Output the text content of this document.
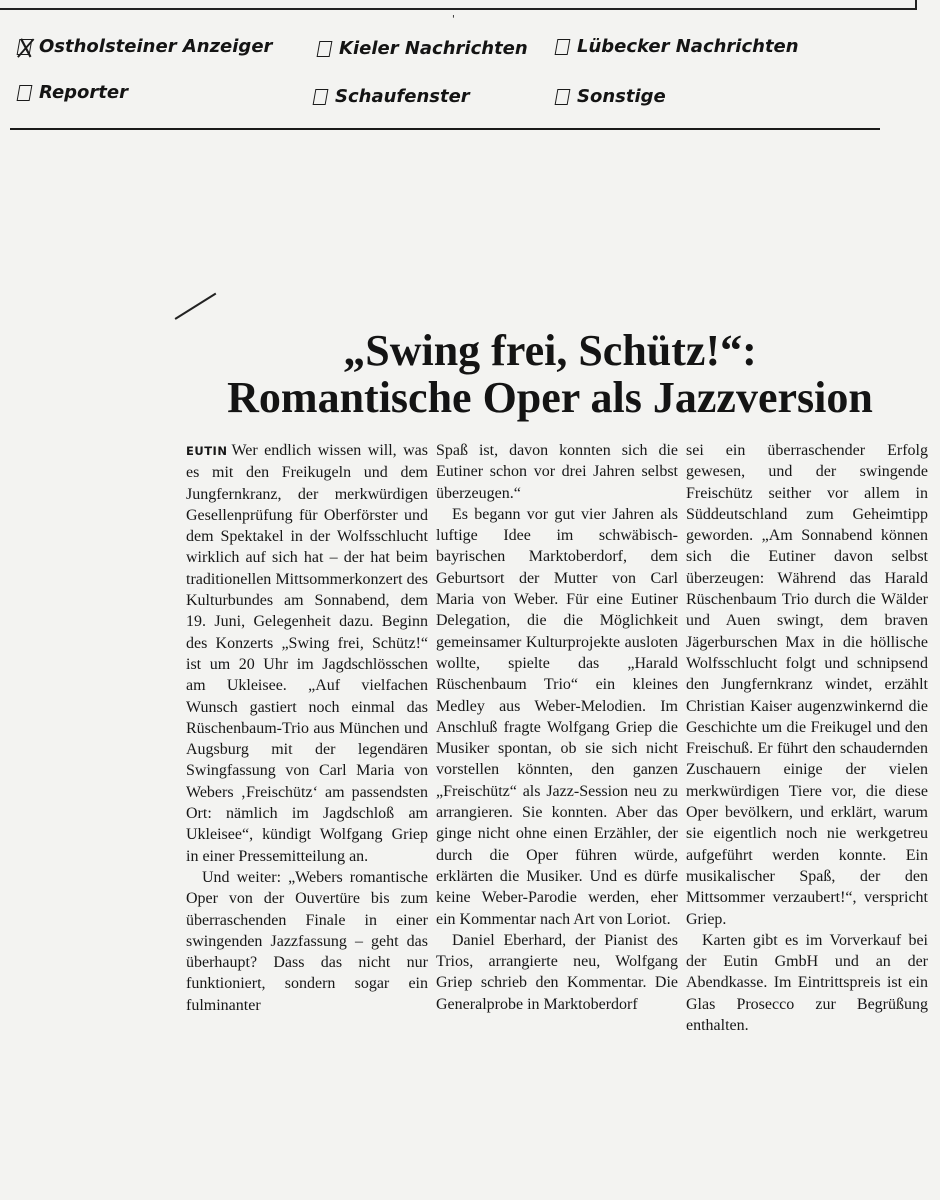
'
Ostholsteiner Anzeiger	Kieler Nachrichten	Lübecker Nachrichten
Reporter	Schaufenster	Sonstige
„Swing frei, Schütz!“:
Romantische Oper als Jazzversion

EUTIN Wer endlich wissen will, was es mit den Freikugeln und dem Jungfernkranz, der merkwürdigen Gesellenprüfung für Oberförster und dem Spektakel in der Wolfsschlucht wirklich auf sich hat – der hat beim traditionellen Mittsommerkonzert des Kulturbundes am Sonnabend, dem 19. Juni, Gelegenheit dazu. Beginn des Konzerts „Swing frei, Schütz!“ ist um 20 Uhr im Jagdschlösschen am Ukleisee. „Auf vielfachen Wunsch gastiert noch einmal das Rüschenbaum-Trio aus München und Augsburg mit der legendären Swingfassung von Carl Maria von Webers ‚Freischütz‘ am passendsten Ort: nämlich im Jagdschloß am Ukleisee“, kündigt Wolfgang Griep in einer Pressemitteilung an.

Und weiter: „Webers romantische Oper von der Ouvertüre bis zum überraschenden Finale in einer swingenden Jazzfassung – geht das überhaupt? Dass das nicht nur funktioniert, sondern sogar ein fulminanter

Spaß ist, davon konnten sich die Eutiner schon vor drei Jahren selbst überzeugen.“

Es begann vor gut vier Jahren als luftige Idee im schwäbisch-bayrischen Marktoberdorf, dem Geburtsort der Mutter von Carl Maria von Weber. Für eine Eutiner Delegation, die die Möglichkeit gemeinsamer Kulturprojekte ausloten wollte, spielte das „Harald Rüschenbaum Trio“ ein kleines Medley aus Weber-Melodien. Im Anschluß fragte Wolfgang Griep die Musiker spontan, ob sie sich nicht vorstellen könnten, den ganzen „Freischütz“ als Jazz-Session neu zu arrangieren. Sie konnten. Aber das ginge nicht ohne einen Erzähler, der durch die Oper führen würde, erklärten die Musiker. Und es dürfe keine Weber-Parodie werden, eher ein Kommentar nach Art von Loriot.

Daniel Eberhard, der Pianist des Trios, arrangierte neu, Wolfgang Griep schrieb den Kommentar. Die Generalprobe in Marktoberdorf

sei ein überraschender Erfolg gewesen, und der swingende Freischütz seither vor allem in Süddeutschland zum Geheimtipp geworden. „Am Sonnabend können sich die Eutiner davon selbst überzeugen: Während das Harald Rüschenbaum Trio durch die Wälder und Auen swingt, dem braven Jägerburschen Max in die höllische Wolfsschlucht folgt und schnipsend den Jungfernkranz windet, erzählt Christian Kaiser augenzwinkernd die Geschichte um die Freikugel und den Freischuß. Er führt den schaudernden Zuschauern einige der vielen merkwürdigen Tiere vor, die diese Oper bevölkern, und erklärt, warum sie eigentlich noch nie werkgetreu aufgeführt werden konnte. Ein musikalischer Spaß, der den Mittsommer verzaubert!“, verspricht Griep.

Karten gibt es im Vorverkauf bei der Eutin GmbH und an der Abendkasse. Im Eintrittspreis ist ein Glas Prosecco zur Begrüßung enthalten.
